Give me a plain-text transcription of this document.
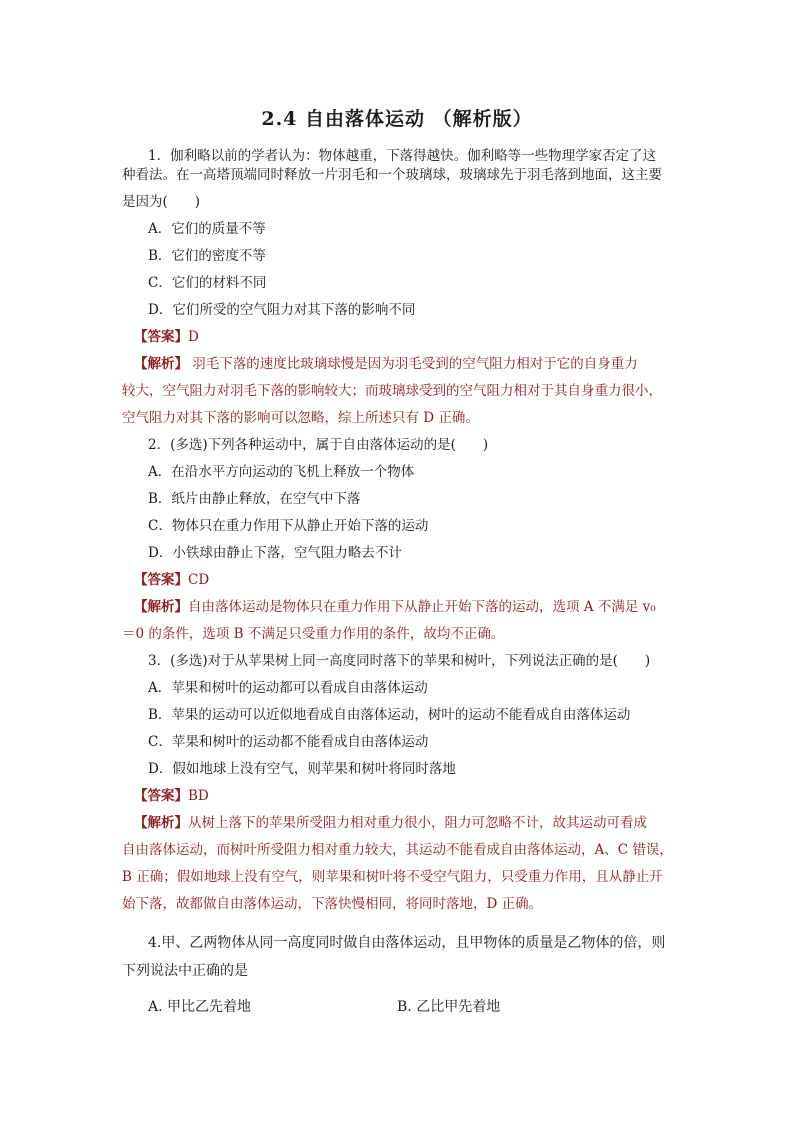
2.4 自由落体运动 （解析版）
1．伽利略以前的学者认为：物体越重，下落得越快。伽利略等一些物理学家否定了这
种看法。在一高塔顶端同时释放一片羽毛和一个玻璃球，玻璃球先于羽毛落到地面，这主要
是因为(　　)
A．它们的质量不等
B．它们的密度不等
C．它们的材料不同
D．它们所受的空气阻力对其下落的影响不同
【答案】D
【解析】 羽毛下落的速度比玻璃球慢是因为羽毛受到的空气阻力相对于它的自身重力
较大，空气阻力对羽毛下落的影响较大；而玻璃球受到的空气阻力相对于其自身重力很小，
空气阻力对其下落的影响可以忽略，综上所述只有 D 正确。
2．(多选)下列各种运动中，属于自由落体运动的是(　　)
A．在沿水平方向运动的飞机上释放一个物体
B．纸片由静止释放，在空气中下落
C．物体只在重力作用下从静止开始下落的运动
D．小铁球由静止下落，空气阻力略去不计
【答案】CD
【解析】自由落体运动是物体只在重力作用下从静止开始下落的运动，选项 A 不满足 v₀
＝0 的条件，选项 B 不满足只受重力作用的条件，故均不正确。
3．(多选)对于从苹果树上同一高度同时落下的苹果和树叶，下列说法正确的是(　　)
A．苹果和树叶的运动都可以看成自由落体运动
B．苹果的运动可以近似地看成自由落体运动，树叶的运动不能看成自由落体运动
C．苹果和树叶的运动都不能看成自由落体运动
D．假如地球上没有空气，则苹果和树叶将同时落地
【答案】BD
【解析】从树上落下的苹果所受阻力相对重力很小，阻力可忽略不计，故其运动可看成
自由落体运动，而树叶所受阻力相对重力较大，其运动不能看成自由落体运动，A、C 错误，
B 正确；假如地球上没有空气，则苹果和树叶将不受空气阻力，只受重力作用，且从静止开
始下落，故都做自由落体运动，下落快慢相同，将同时落地，D 正确。
4.甲、乙两物体从同一高度同时做自由落体运动，且甲物体的质量是乙物体的倍，则
下列说法中正确的是
A. 甲比乙先着地	B. 乙比甲先着地
